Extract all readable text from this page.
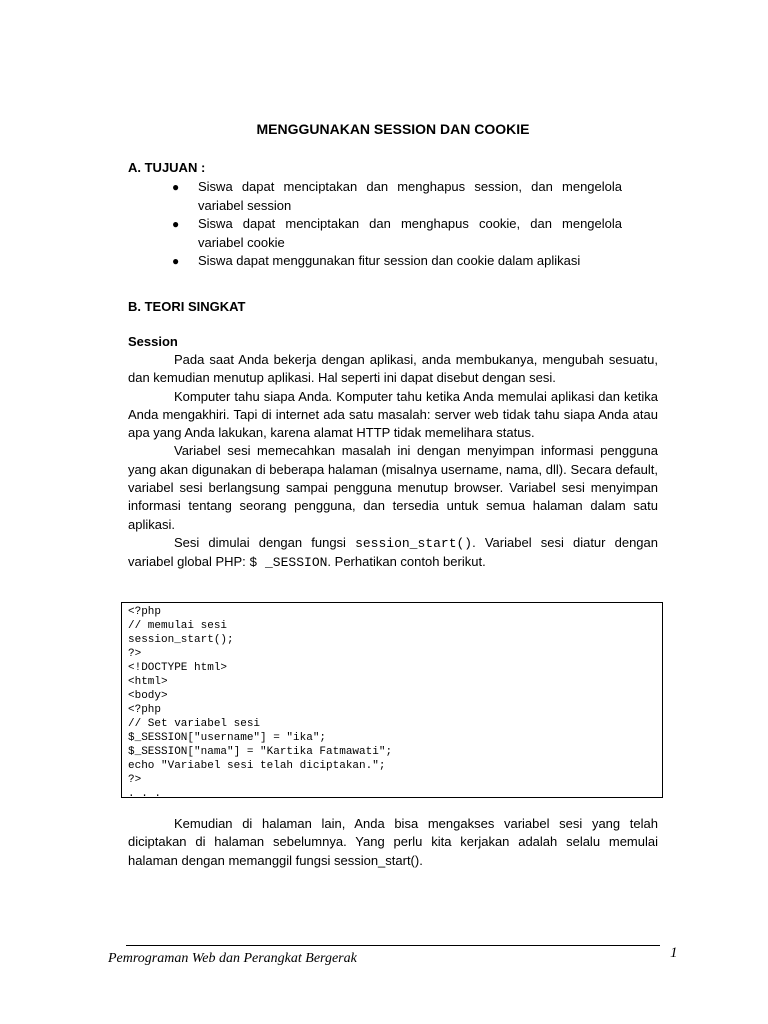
MENGGUNAKAN SESSION DAN COOKIE
A. TUJUAN :
● Siswa dapat menciptakan dan menghapus session, dan mengelola variabel session
● Siswa dapat menciptakan dan menghapus cookie, dan mengelola variabel cookie
● Siswa dapat menggunakan fitur session dan cookie dalam aplikasi
B. TEORI SINGKAT
Session

Pada saat Anda bekerja dengan aplikasi, anda membukanya, mengubah sesuatu, dan kemudian menutup aplikasi. Hal seperti ini dapat disebut dengan sesi.

Komputer tahu siapa Anda. Komputer tahu ketika Anda memulai aplikasi dan ketika Anda mengakhiri. Tapi di internet ada satu masalah: server web tidak tahu siapa Anda atau apa yang Anda lakukan, karena alamat HTTP tidak memelihara status.

Variabel sesi memecahkan masalah ini dengan menyimpan informasi pengguna yang akan digunakan di beberapa halaman (misalnya username, nama, dll). Secara default, variabel sesi berlangsung sampai pengguna menutup browser. Variabel sesi menyimpan informasi tentang seorang pengguna, dan tersedia untuk semua halaman dalam satu aplikasi.

Sesi dimulai dengan fungsi session_start(). Variabel sesi diatur dengan variabel global PHP: $ _SESSION. Perhatikan contoh berikut.

<?php
// memulai sesi
session_start();
?>
<!DOCTYPE html>
<html>
<body>
<?php
// Set variabel sesi
$_SESSION["username"] = "ika";
$_SESSION["nama"] = "Kartika Fatmawati";
echo "Variabel sesi telah diciptakan.";
?>
. . .

Kemudian di halaman lain, Anda bisa mengakses variabel sesi yang telah diciptakan di halaman sebelumnya. Yang perlu kita kerjakan adalah selalu memulai halaman dengan memanggil fungsi session_start().

Pemrograman Web dan Perangkat Bergerak	1
